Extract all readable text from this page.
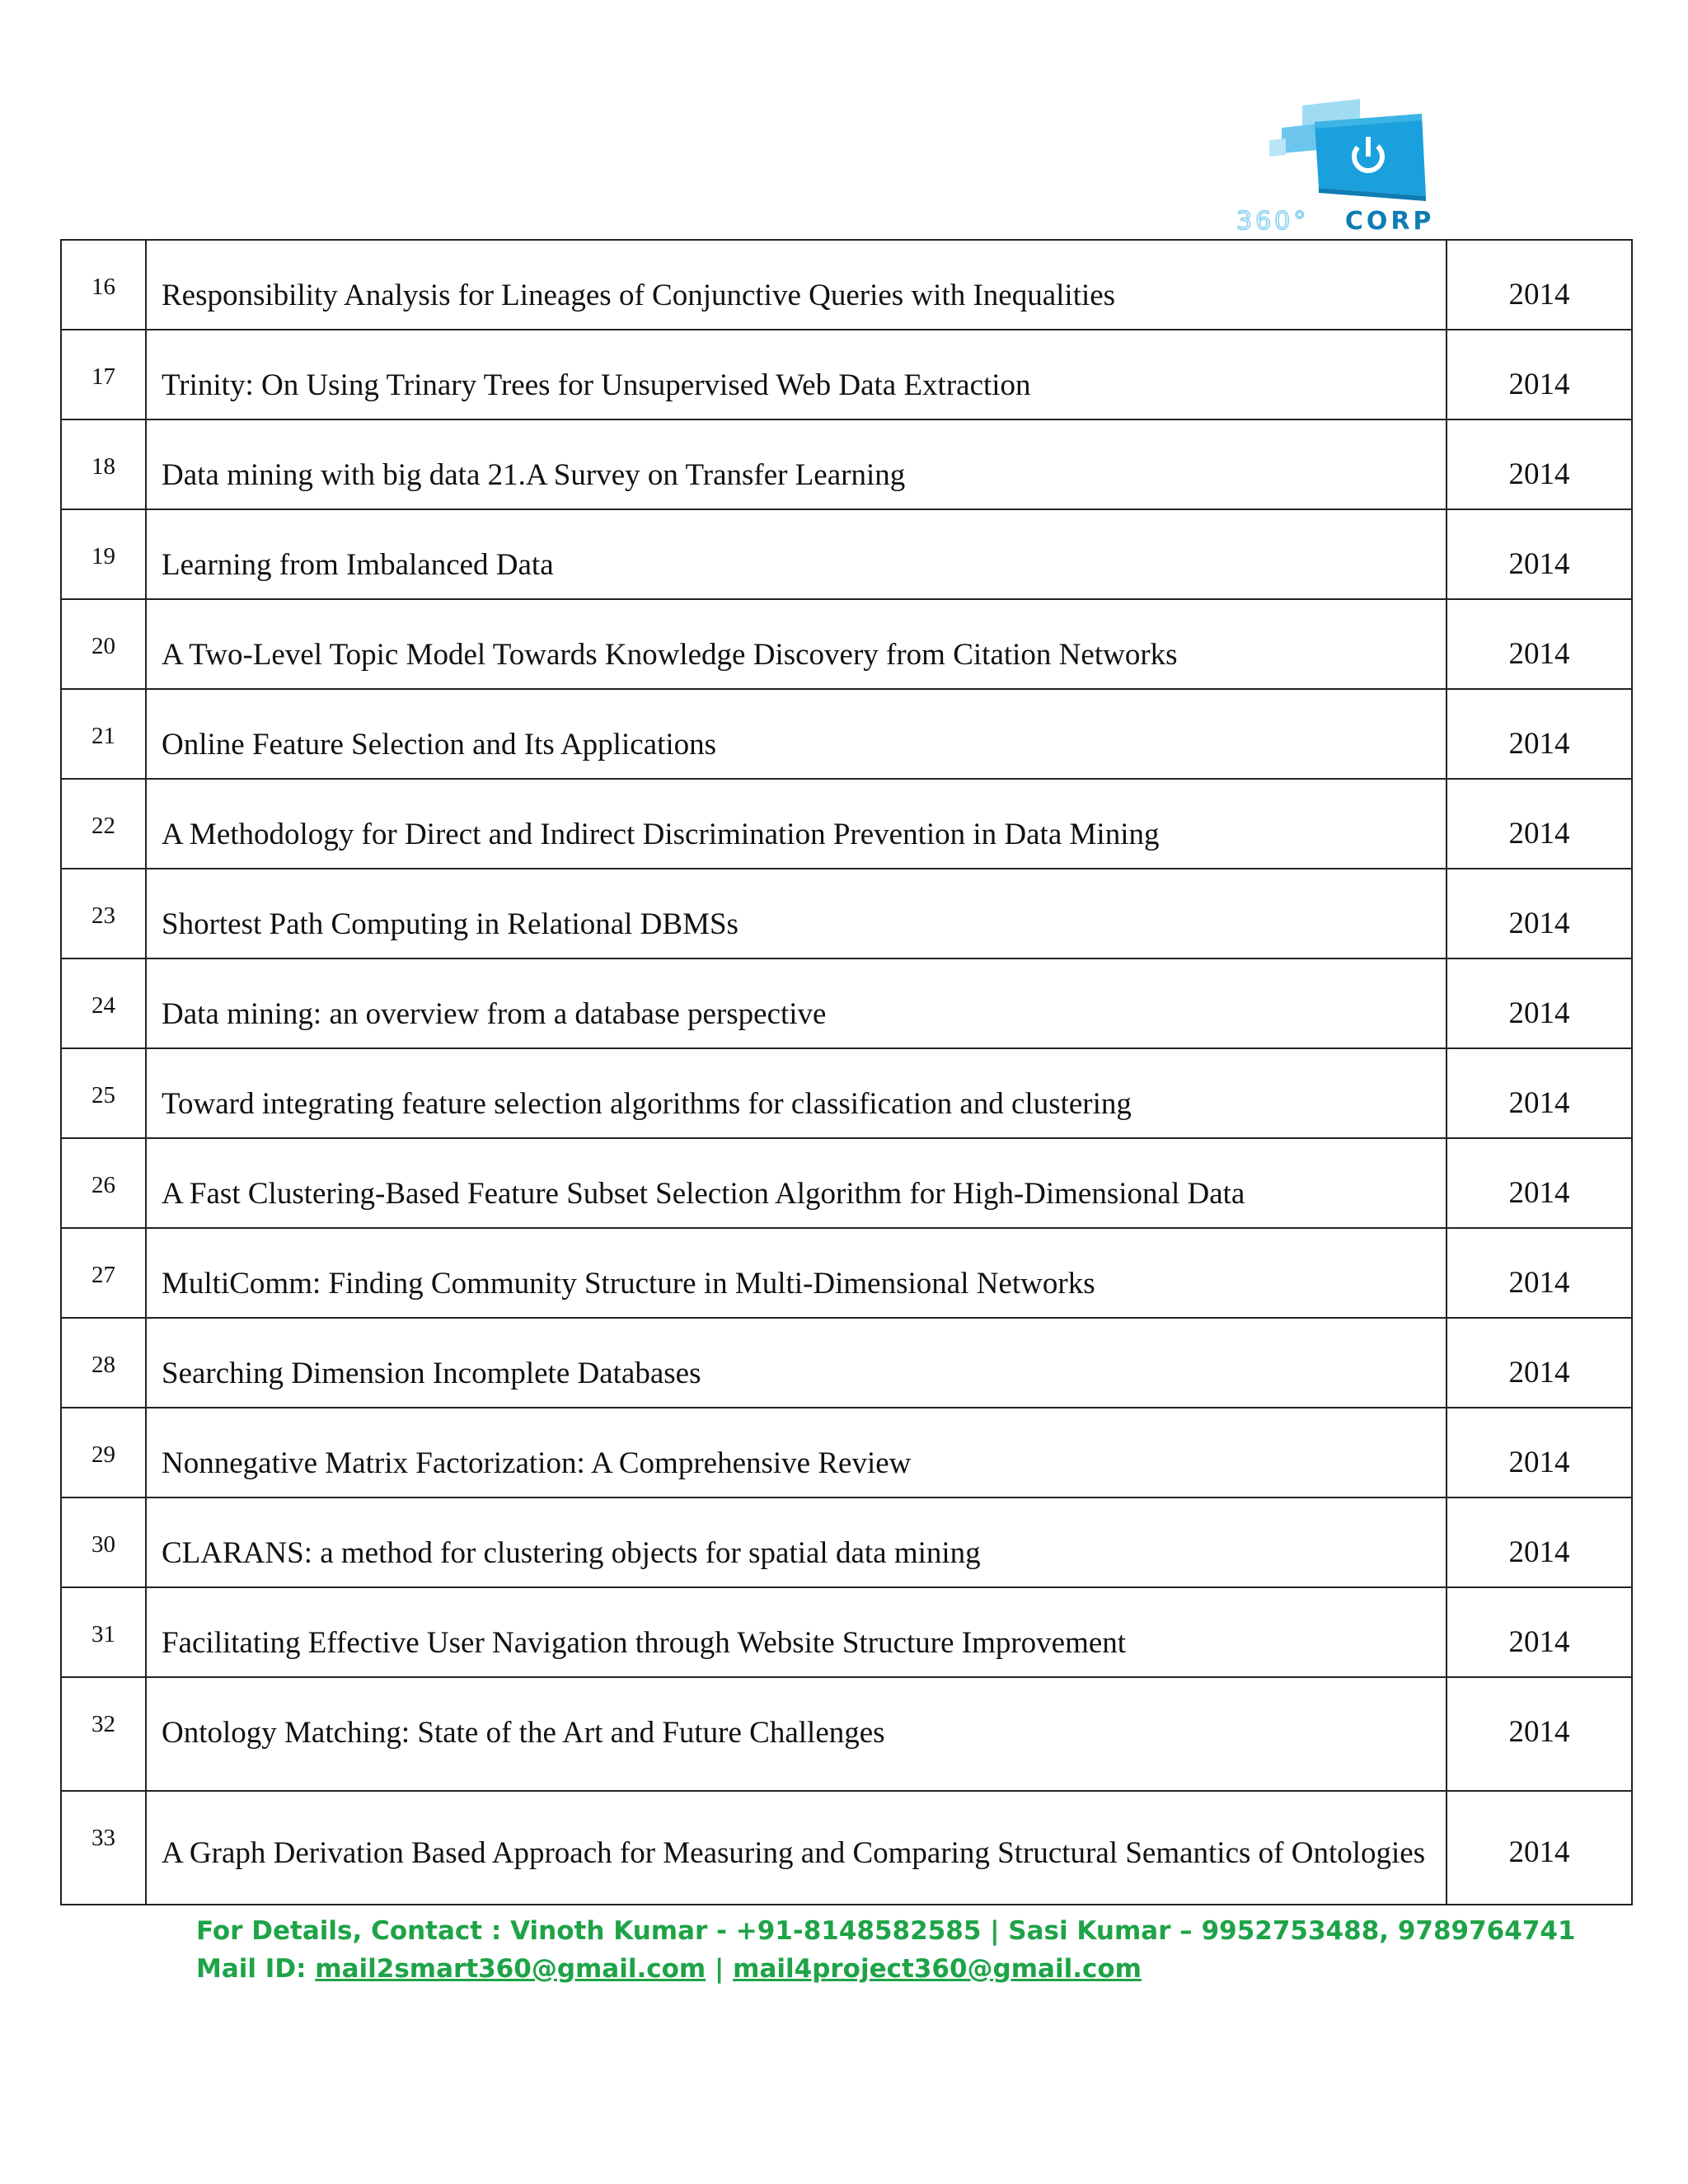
360° CORP
16	Responsibility Analysis for Lineages of Conjunctive Queries with Inequalities	2014

17	Trinity: On Using Trinary Trees for Unsupervised Web Data Extraction	2014

18	Data mining with big data 21.A Survey on Transfer Learning	2014

19	Learning from Imbalanced Data	2014

20	A Two-Level Topic Model Towards Knowledge Discovery from Citation Networks	2014

21	Online Feature Selection and Its Applications	2014

22	A Methodology for Direct and Indirect Discrimination Prevention in Data Mining	2014

23	Shortest Path Computing in Relational DBMSs	2014

24	Data mining: an overview from a database perspective	2014

25	Toward integrating feature selection algorithms for classification and clustering	2014

26	A Fast Clustering-Based Feature Subset Selection Algorithm for High-Dimensional Data	2014

27	MultiComm: Finding Community Structure in Multi-Dimensional Networks	2014

28	Searching Dimension Incomplete Databases	2014

29	Nonnegative Matrix Factorization: A Comprehensive Review	2014

30	CLARANS: a method for clustering objects for spatial data mining	2014

31	Facilitating Effective User Navigation through Website Structure Improvement	2014

32	Ontology Matching: State of the Art and Future Challenges	2014

33	A Graph Derivation Based Approach for Measuring and Comparing Structural Semantics of Ontologies	2014
For Details, Contact : Vinoth Kumar - +91-8148582585 | Sasi Kumar – 9952753488, 9789764741
Mail ID: mail2smart360@gmail.com | mail4project360@gmail.com
